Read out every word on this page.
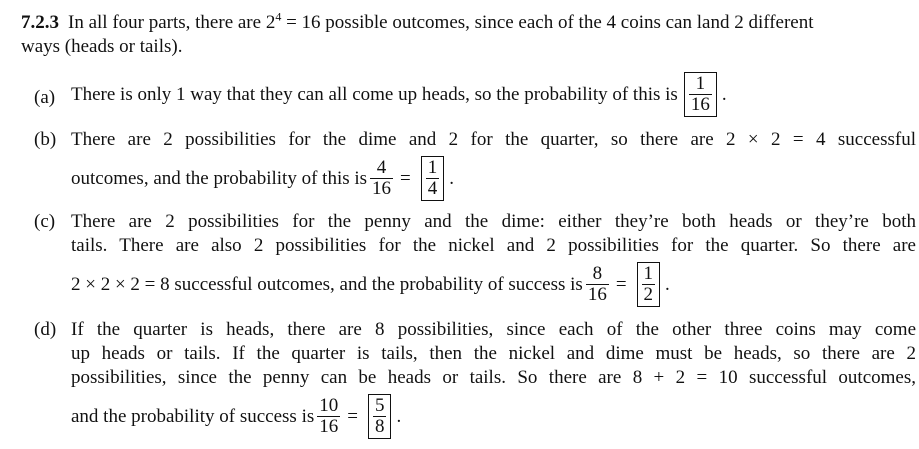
7.2.3 In all four parts, there are $2^4 = 16$ possible outcomes, since each of the 4 coins can land 2 different
ways (heads or tails).
(a) There is only 1 way that they can all come up heads, so the probability of this is $\frac{1}{16}$ .
(b) There are 2 possibilities for the dime and 2 for the quarter, so there are 2 × 2 = 4 successful
outcomes, and the probability of this is $\frac{4}{16} = \frac{1}{4}$ .
(c) There are 2 possibilities for the penny and the dime: either they’re both heads or they’re both
tails. There are also 2 possibilities for the nickel and 2 possibilities for the quarter. So there are
2 × 2 × 2 = 8 successful outcomes, and the probability of success is $\frac{8}{16} = \frac{1}{2}$ .
(d) If the quarter is heads, there are 8 possibilities, since each of the other three coins may come
up heads or tails. If the quarter is tails, then the nickel and dime must be heads, so there are 2
possibilities, since the penny can be heads or tails. So there are 8 + 2 = 10 successful outcomes,
and the probability of success is $\frac{10}{16} = \frac{5}{8}$ .
